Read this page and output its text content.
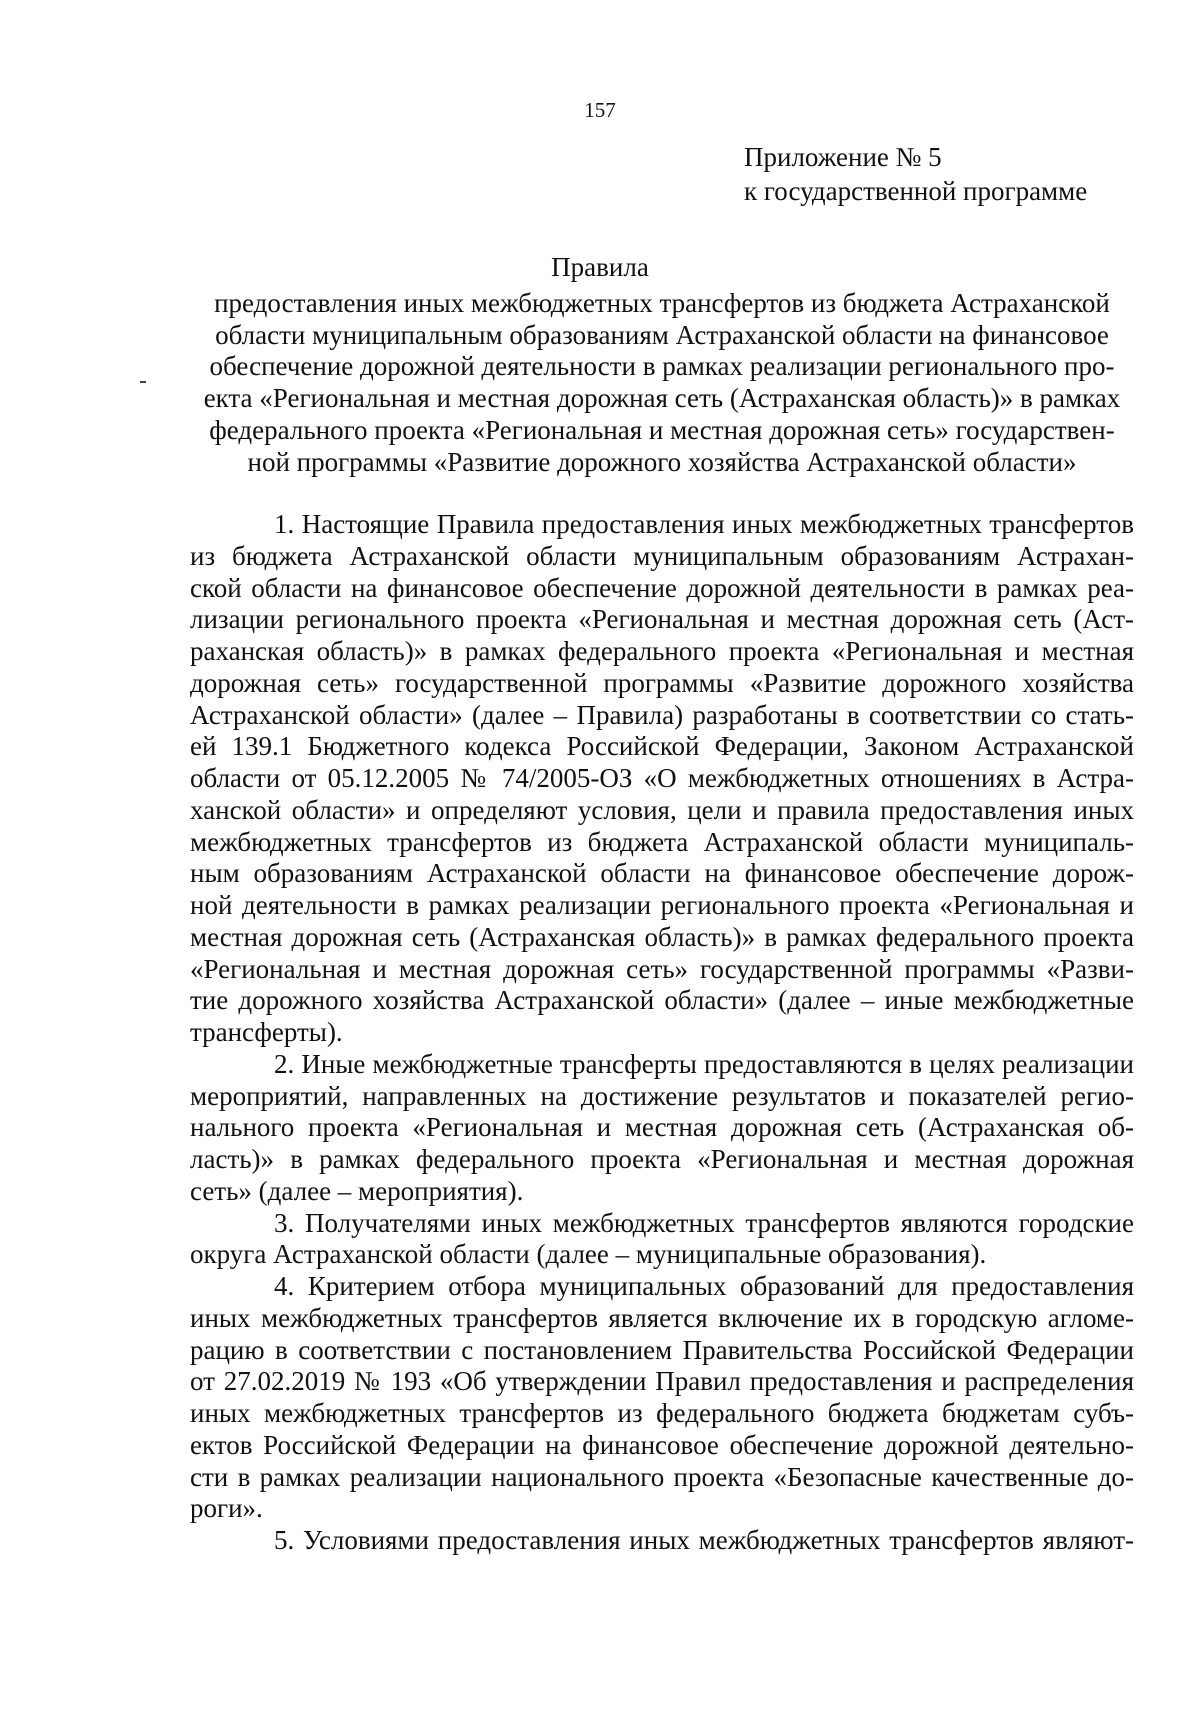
157
Приложение № 5
к государственной программе
Правила
предоставления иных межбюджетных трансфертов из бюджета Астраханской
области муниципальным образованиям Астраханской области на финансовое
обеспечение дорожной деятельности в рамках реализации регионального про-
екта «Региональная и местная дорожная сеть (Астраханская область)» в рамках
федерального проекта «Региональная и местная дорожная сеть» государствен-
ной программы «Развитие дорожного хозяйства Астраханской области»
1. Настоящие Правила предоставления иных межбюджетных трансфертов
из бюджета Астраханской области муниципальным образованиям Астрахан-
ской области на финансовое обеспечение дорожной деятельности в рамках реа-
лизации регионального проекта «Региональная и местная дорожная сеть (Аст-
раханская область)» в рамках федерального проекта «Региональная и местная
дорожная сеть» государственной программы «Развитие дорожного хозяйства
Астраханской области» (далее – Правила) разработаны в соответствии со стать-
ей 139.1 Бюджетного кодекса Российской Федерации, Законом Астраханской
области от 05.12.2005 № 74/2005-ОЗ «О межбюджетных отношениях в Астра-
ханской области» и определяют условия, цели и правила предоставления иных
межбюджетных трансфертов из бюджета Астраханской области муниципаль-
ным образованиям Астраханской области на финансовое обеспечение дорож-
ной деятельности в рамках реализации регионального проекта «Региональная и
местная дорожная сеть (Астраханская область)» в рамках федерального проекта
«Региональная и местная дорожная сеть» государственной программы «Разви-
тие дорожного хозяйства Астраханской области» (далее – иные межбюджетные
трансферты).
2. Иные межбюджетные трансферты предоставляются в целях реализации
мероприятий, направленных на достижение результатов и показателей регио-
нального проекта «Региональная и местная дорожная сеть (Астраханская об-
ласть)» в рамках федерального проекта «Региональная и местная дорожная
сеть» (далее – мероприятия).
3. Получателями иных межбюджетных трансфертов являются городские
округа Астраханской области (далее – муниципальные образования).
4. Критерием отбора муниципальных образований для предоставления
иных межбюджетных трансфертов является включение их в городскую агломе-
рацию в соответствии с постановлением Правительства Российской Федерации
от 27.02.2019 № 193 «Об утверждении Правил предоставления и распределения
иных межбюджетных трансфертов из федерального бюджета бюджетам субъ-
ектов Российской Федерации на финансовое обеспечение дорожной деятельно-
сти в рамках реализации национального проекта «Безопасные качественные до-
роги».
5. Условиями предоставления иных межбюджетных трансфертов являют-
